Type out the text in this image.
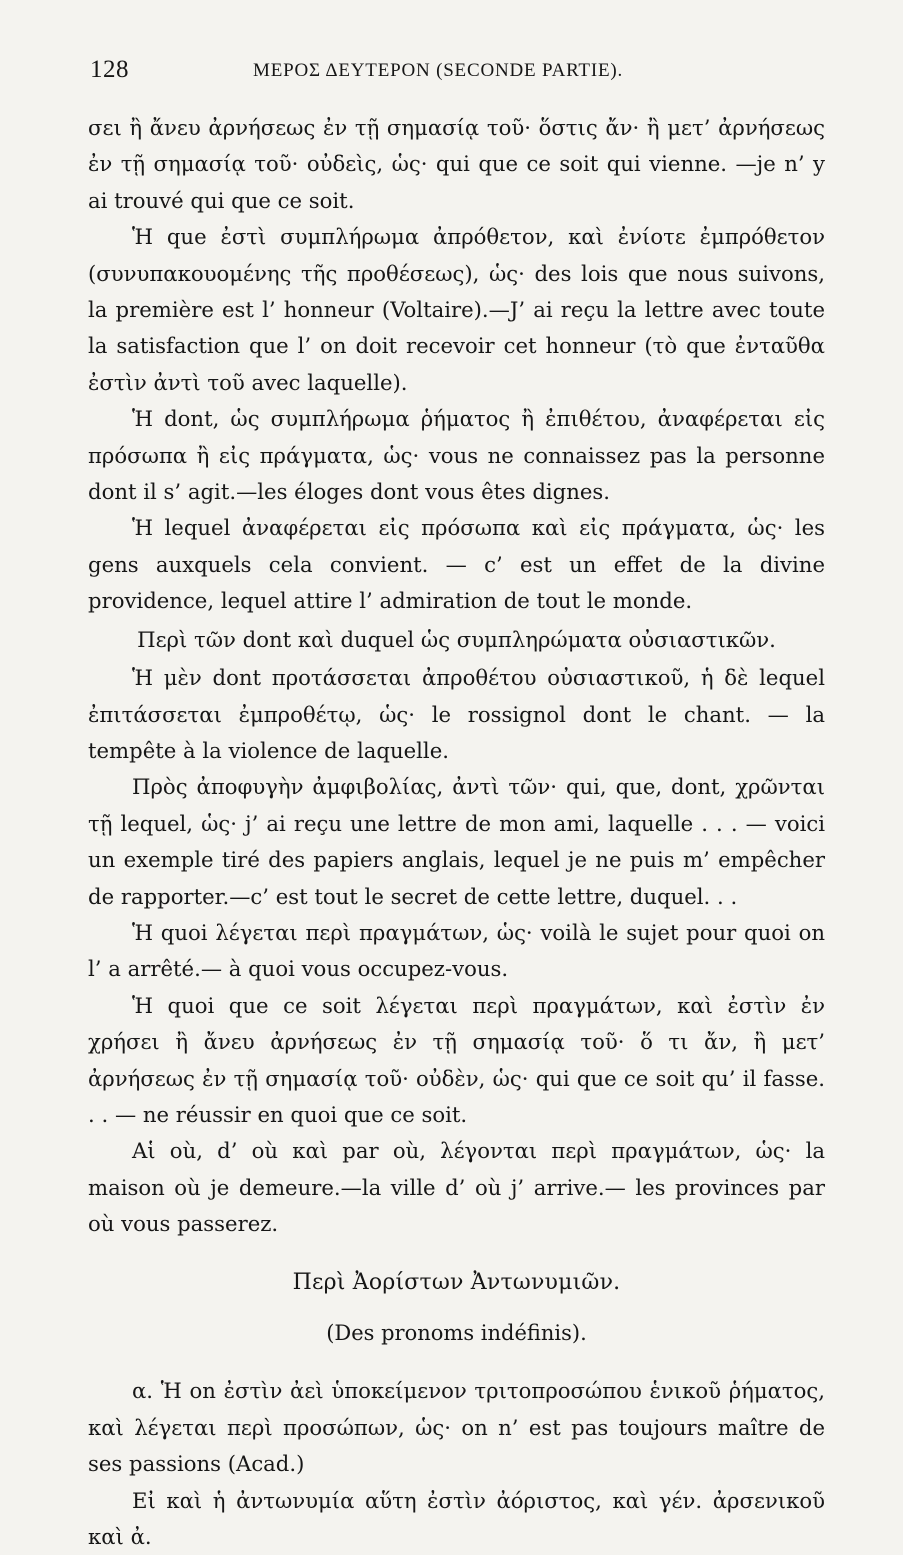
128	ΜΕΡΟΣ ΔΕΥΤΕΡΟΝ (SECONDE PARTIE).

σει ἢ ἄνευ ἀρνήσεως ἐν τῇ σημασίᾳ τοῦ· ὅστις ἄν· ἢ μετ’ ἀρνήσεως ἐν τῇ σημασίᾳ τοῦ· οὐδεὶς, ὡς· qui que ce soit qui vienne. —je n’ y ai trouvé qui que ce soit.

Ἡ que ἐστὶ συμπλήρωμα ἀπρόθετον, καὶ ἐνίοτε ἐμπρόθετον (συνυπακουομένης τῆς προθέσεως), ὡς· des lois que nous suivons, la première est l’ honneur (Voltaire).—J’ ai reçu la lettre avec toute la satisfaction que l’ on doit recevoir cet honneur (τὸ que ἐνταῦθα ἐστὶν ἀντὶ τοῦ avec laquelle).

Ἡ dont, ὡς συμπλήρωμα ῥήματος ἢ ἐπιθέτου, ἀναφέρεται εἰς πρόσωπα ἢ εἰς πράγματα, ὡς· vous ne connaissez pas la personne dont il s’ agit.—les éloges dont vous êtes dignes.

Ἡ lequel ἀναφέρεται εἰς πρόσωπα καὶ εἰς πράγματα, ὡς· les gens auxquels cela convient. — c’ est un effet de la divine providence, lequel attire l’ admiration de tout le monde.

Περὶ τῶν dont καὶ duquel ὡς συμπληρώματα οὐσιαστικῶν.

Ἡ μὲν dont προτάσσεται ἀπροθέτου οὐσιαστικοῦ, ἡ δὲ lequel ἐπιτάσσεται ἐμπροθέτῳ, ὡς· le rossignol dont le chant. — la tempête à la violence de laquelle.

Πρὸς ἀποφυγὴν ἀμφιβολίας, ἀντὶ τῶν· qui, que, dont, χρῶνται τῇ lequel, ὡς· j’ ai reçu une lettre de mon ami, laquelle . . . — voici un exemple tiré des papiers anglais, lequel je ne puis m’ empêcher de rapporter.—c’ est tout le secret de cette lettre, duquel. . .

Ἡ quoi λέγεται περὶ πραγμάτων, ὡς· voilà le sujet pour quoi on l’ a arrêté.— à quoi vous occupez-vous.

Ἡ quoi que ce soit λέγεται περὶ πραγμάτων, καὶ ἐστὶν ἐν χρήσει ἢ ἄνευ ἀρνήσεως ἐν τῇ σημασίᾳ τοῦ· ὅ τι ἄν, ἢ μετ’ ἀρνήσεως ἐν τῇ σημασίᾳ τοῦ· οὐδὲν, ὡς· qui que ce soit qu’ il fasse. . . — ne réussir en quoi que ce soit.

Αἱ où, d’ où καὶ par où, λέγονται περὶ πραγμάτων, ὡς· la maison où je demeure.—la ville d’ où j’ arrive.— les provinces par où vous passerez.

Περὶ Ἀορίστων Ἀντωνυμιῶν.

(Des pronoms indéfinis).

α. Ἡ on ἐστὶν ἀεὶ ὑποκείμενον τριτοπροσώπου ἑνικοῦ ῥήματος, καὶ λέγεται περὶ προσώπων, ὡς· on n’ est pas toujours maître de ses passions (Acad.)

Εἰ καὶ ἡ ἀντωνυμία αὕτη ἐστὶν ἀόριστος, καὶ γέν. ἀρσενικοῦ καὶ ἀ.
